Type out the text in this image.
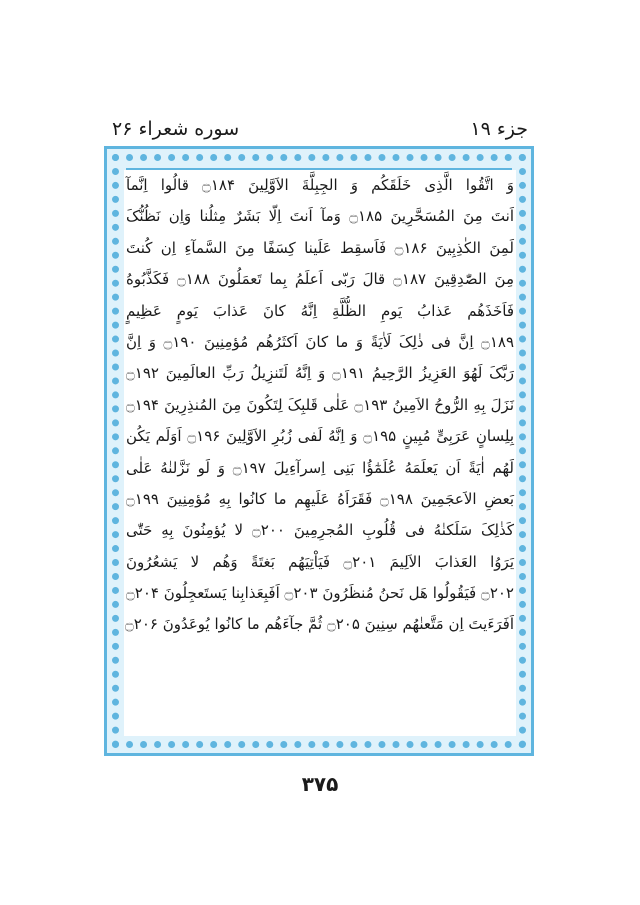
جزء ۱۹
سوره شعراء ۲۶
وَ اتَّقُوا الَّذِی خَلَقَکُم وَ الجِبِلَّةَ الاَوَّلِینَ ۝۱۸۴ قالُوا اِنَّمآ
اَنتَ مِنَ المُسَحَّرِینَ ۝۱۸۵ وَمآ اَنتَ اِلّا بَشَرٌ مِثلُنا وَاِن نَظُنُّکَ
لَمِنَ الکٰذِبِینَ ۝۱۸۶ فَاَسقِط عَلَینا کِسَفًا مِنَ السَّمآءِ اِن کُنتَ
مِنَ الصّٰدِقِینَ ۝۱۸۷ قالَ رَبّی اَعلَمُ بِما تَعمَلُونَ ۝۱۸۸ فَکَذَّبُوهُ
فَاَخَذَهُم عَذابُ یَومِ الظُّلَّةِ اِنَّهُ کانَ عَذابَ یَومٍ عَظِیمٍ
۝۱۸۹ اِنَّ فی ذٰلِکَ لَاٰیَةً وَ ما کانَ اَکثَرُهُم مُؤمِنِینَ ۝۱۹۰ وَ اِنَّ
رَبَّکَ لَهُوَ العَزِیزُ الرَّحِیمُ ۝۱۹۱ وَ اِنَّهُ لَتَنزِیلُ رَبِّ العالَمِینَ ۝۱۹۲
نَزَلَ بِهِ الرُّوحُ الاَمِینُ ۝۱۹۳ عَلٰی قَلبِکَ لِتَکُونَ مِنَ المُنذِرِینَ ۝۱۹۴
بِلِسانٍ عَرَبِیٍّ مُبِینٍ ۝۱۹۵ وَ اِنَّهُ لَفی زُبُرِ الاَوَّلِینَ ۝۱۹۶ اَوَلَم یَکُن
لَهُم اٰیَةً اَن یَعلَمَهُ عُلَمٰٓؤُا بَنِی اِسرآءِیلَ ۝۱۹۷ وَ لَو نَزَّلنٰهُ عَلٰی
بَعضِ الاَعجَمِینَ ۝۱۹۸ فَقَرَاَهُ عَلَیهِم ما کانُوا بِهِ مُؤمِنِینَ ۝۱۹۹
کَذٰلِکَ سَلَکنٰهُ فی قُلُوبِ المُجرِمِینَ ۝۲۰۰ لا یُؤمِنُونَ بِهِ حَتّٰی
یَرَوُا العَذابَ الاَلِیمَ ۝۲۰۱ فَیَاْتِیَهُم بَغتَةً وَهُم لا یَشعُرُونَ
۝۲۰۲ فَیَقُولُوا هَل نَحنُ مُنظَرُونَ ۝۲۰۳ اَفَبِعَذابِنا یَستَعجِلُونَ ۝۲۰۴
اَفَرَءَیتَ اِن مَتَّعنٰهُم سِنِینَ ۝۲۰۵ ثُمَّ جآءَهُم ما کانُوا یُوعَدُونَ ۝۲۰۶
۳۷۵
